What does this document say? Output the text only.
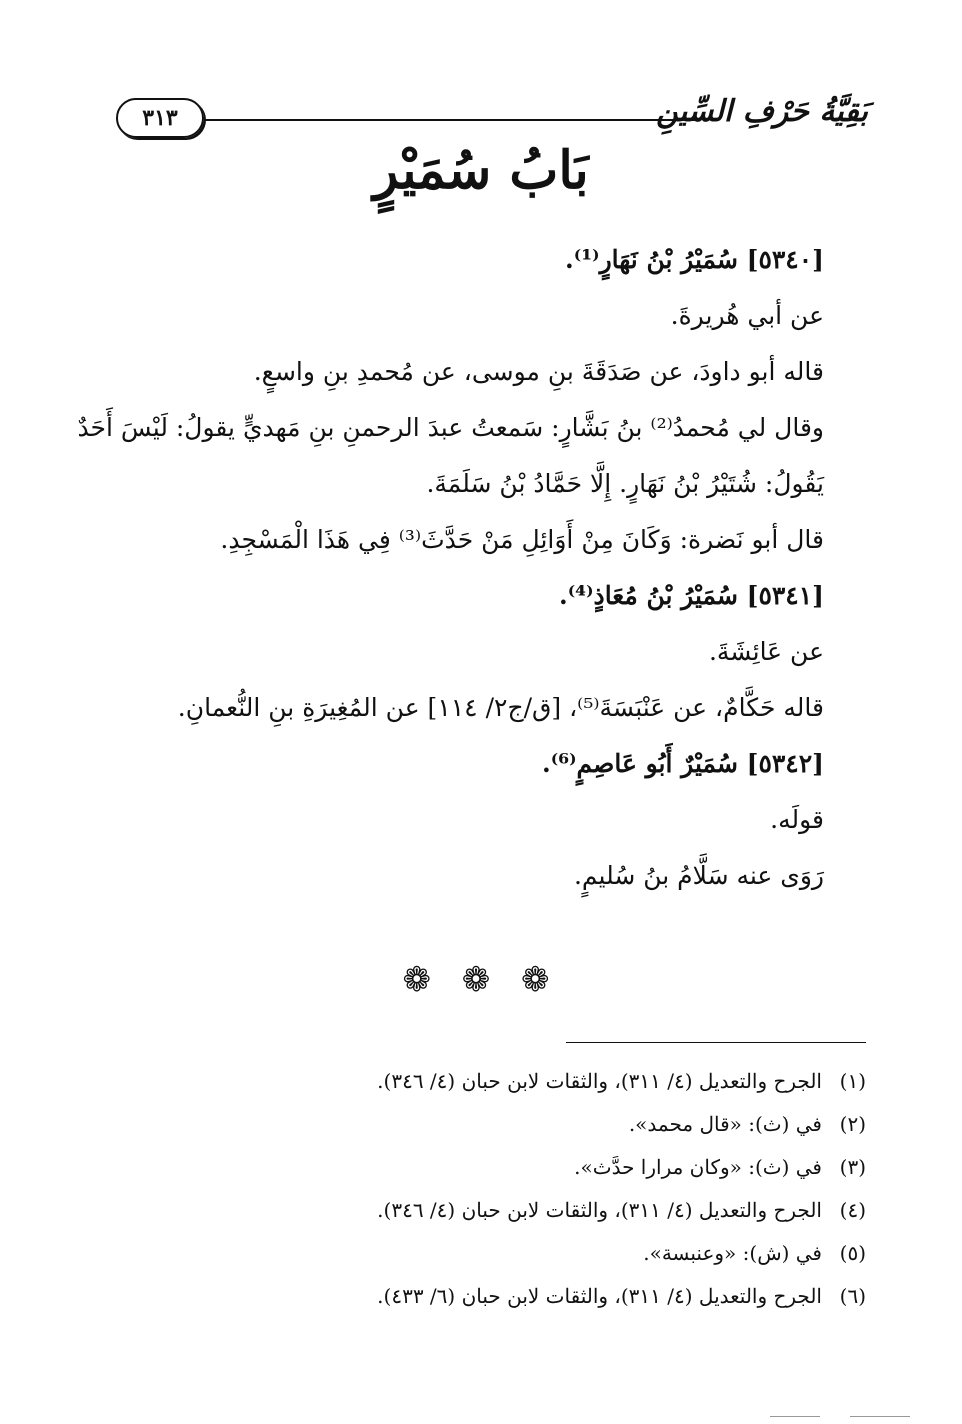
٣١٣	بَقِيَّةُ حَرْفِ السِّينِ
بَابُ سُمَيْرٍ
[٥٣٤٠] سُمَيْرُ بْنُ نَهَارٍ⁽¹⁾.
عن أبي هُريرةَ.
قاله أبو داودَ، عن صَدَقَةَ بنِ موسى، عن مُحمدِ بنِ واسعٍ.
وقال لي مُحمدُ⁽²⁾ بنُ بَشَّارٍ: سَمعتُ عبدَ الرحمنِ بنِ مَهديٍّ يقولُ: لَيْسَ أَحَدٌ
يَقُولُ: شُتَيْرُ بْنُ نَهَارٍ. إِلَّا حَمَّادُ بْنُ سَلَمَةَ.
قال أبو نَضرة: وَكَانَ مِنْ أَوَائِلِ مَنْ حَدَّثَ⁽³⁾ فِي هَذَا الْمَسْجِدِ.
[٥٣٤١] سُمَيْرُ بْنُ مُعَاذٍ⁽⁴⁾.
عن عَائِشَةَ.
قاله حَكَّامٌ، عن عَنْبَسَةَ⁽⁵⁾، [ق/ج٢/ ١١٤] عن المُغِيرَةِ بنِ النُّعمانِ.
[٥٣٤٢] سُمَيْرٌ أَبُو عَاصِمٍ⁽⁶⁾.
قولَه.
رَوَى عنه سَلَّامُ بنُ سُليمٍ.
❁ ❁ ❁
(١)الجرح والتعديل (٤/ ٣١١)، والثقات لابن حبان (٤/ ٣٤٦).
(٢)في (ث): «قال محمد».
(٣)في (ث): «وكان مرارا حدَّث».
(٤)الجرح والتعديل (٤/ ٣١١)، والثقات لابن حبان (٤/ ٣٤٦).
(٥)في (ش): «وعنبسة».
(٦)الجرح والتعديل (٤/ ٣١١)، والثقات لابن حبان (٦/ ٤٣٣).
